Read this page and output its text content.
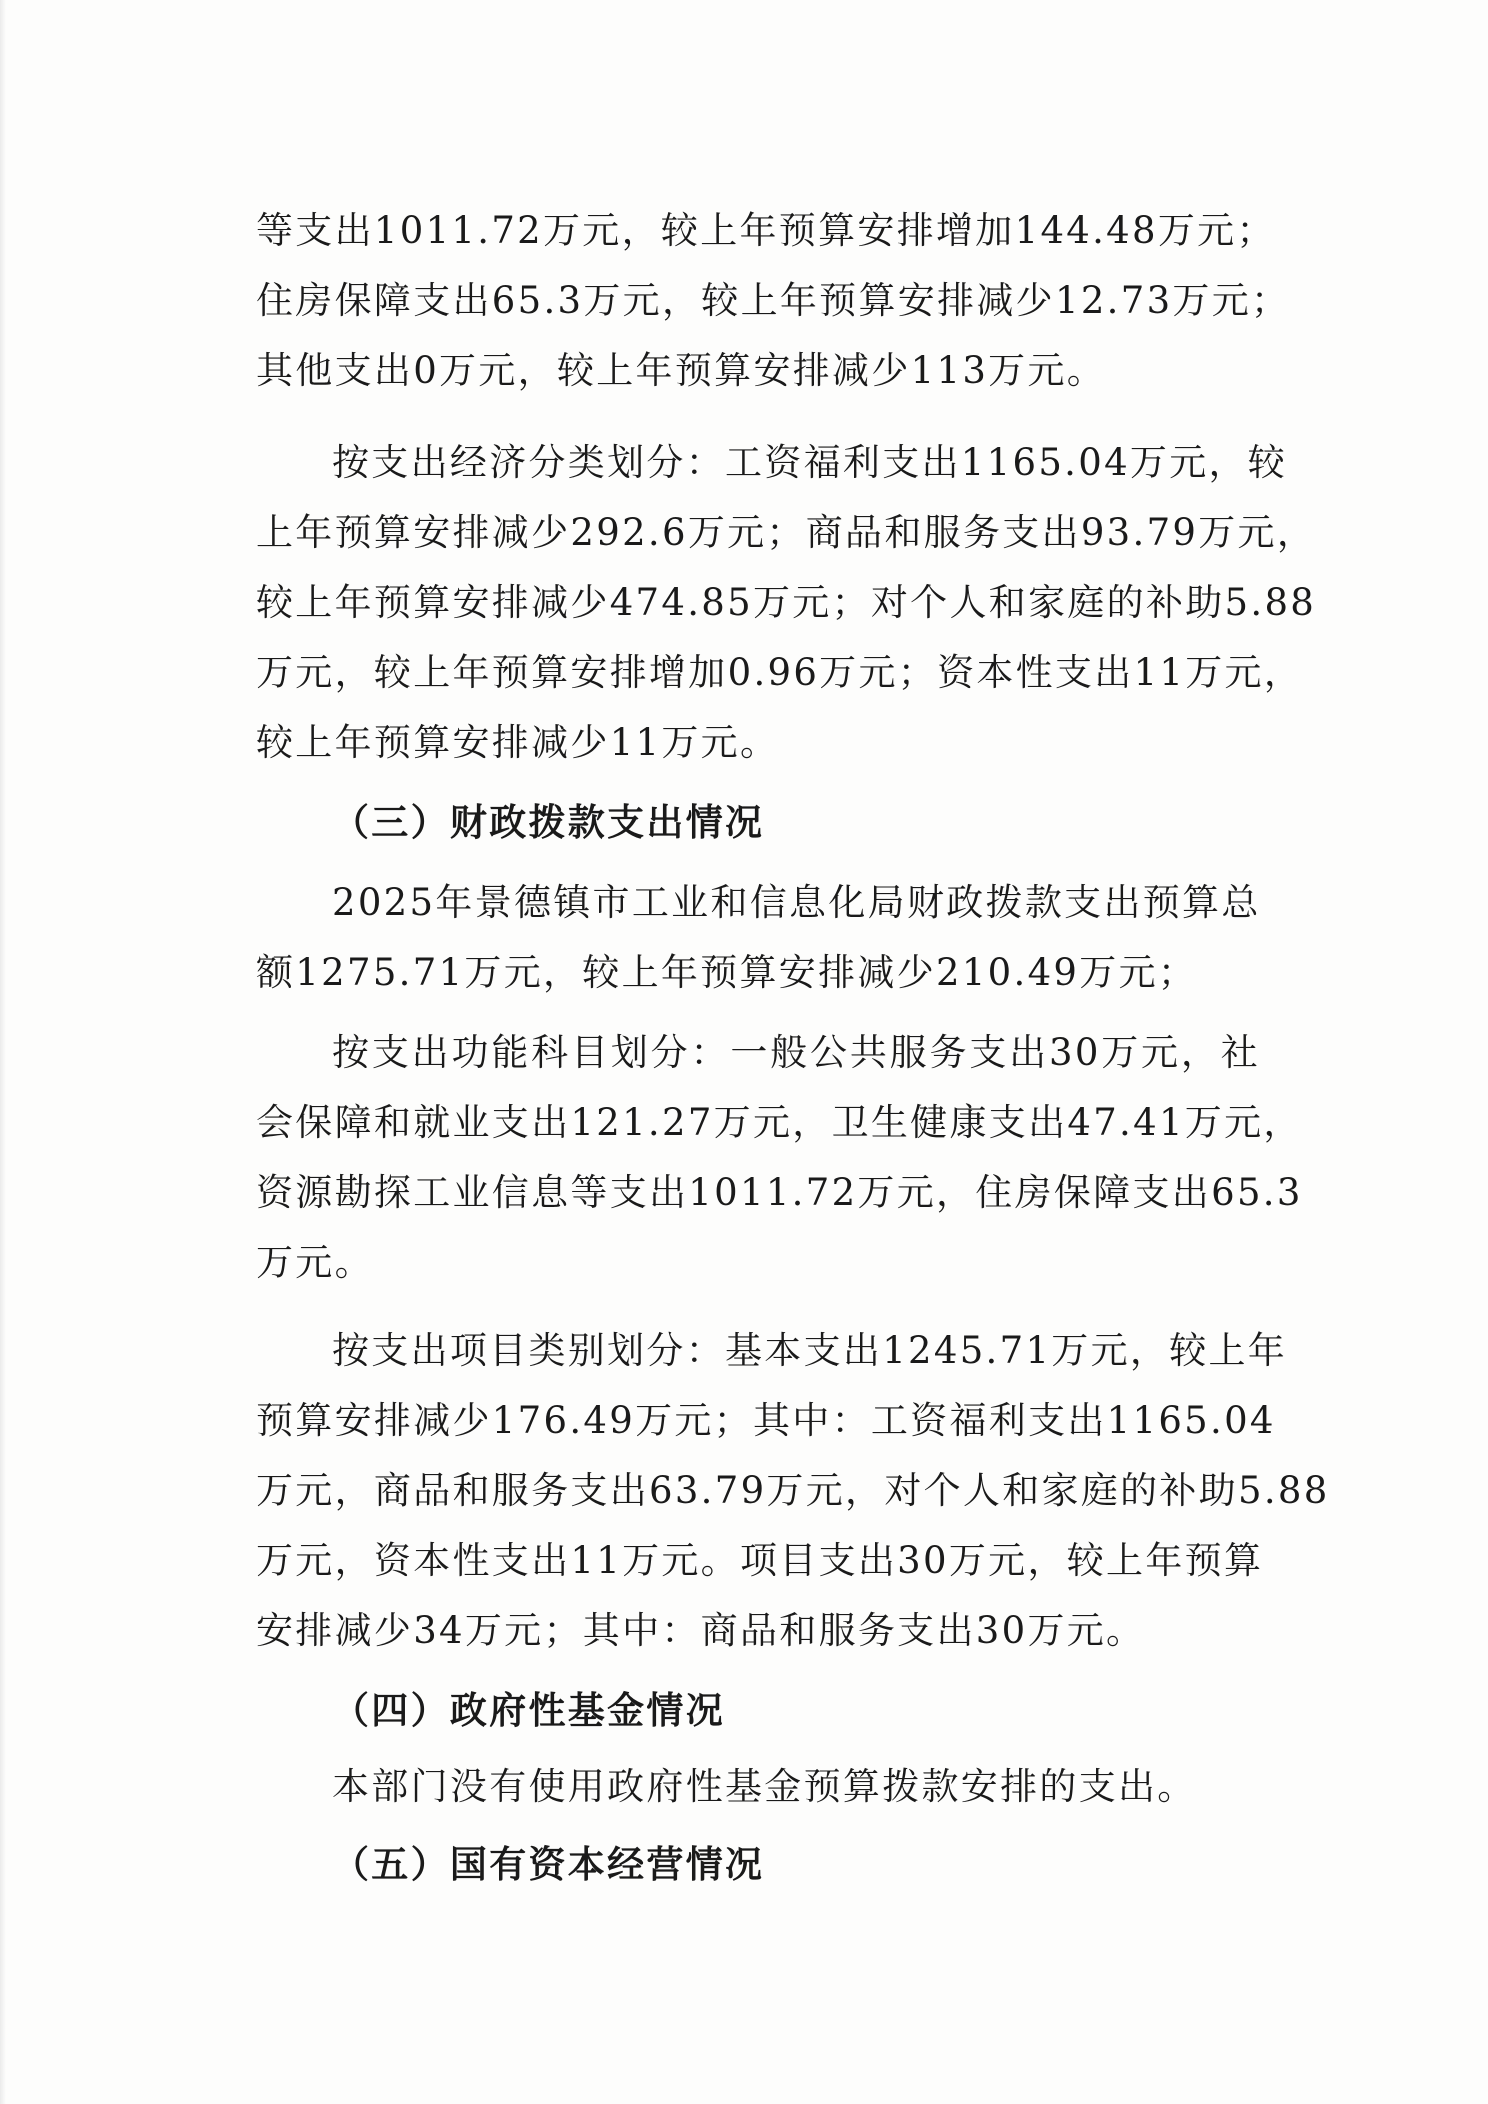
等支出1011.72万元，较上年预算安排增加144.48万元；
住房保障支出65.3万元，较上年预算安排减少12.73万元；
其他支出0万元，较上年预算安排减少113万元。
按支出经济分类划分：工资福利支出1165.04万元，较
上年预算安排减少292.6万元；商品和服务支出93.79万元，
较上年预算安排减少474.85万元；对个人和家庭的补助5.88
万元，较上年预算安排增加0.96万元；资本性支出11万元，
较上年预算安排减少11万元。
（三）财政拨款支出情况
2025年景德镇市工业和信息化局财政拨款支出预算总
额1275.71万元，较上年预算安排减少210.49万元；
按支出功能科目划分：一般公共服务支出30万元，社
会保障和就业支出121.27万元，卫生健康支出47.41万元，
资源勘探工业信息等支出1011.72万元，住房保障支出65.3
万元。
按支出项目类别划分：基本支出1245.71万元，较上年
预算安排减少176.49万元；其中：工资福利支出1165.04
万元，商品和服务支出63.79万元，对个人和家庭的补助5.88
万元，资本性支出11万元。项目支出30万元，较上年预算
安排减少34万元；其中：商品和服务支出30万元。
（四）政府性基金情况
本部门没有使用政府性基金预算拨款安排的支出。
（五）国有资本经营情况
